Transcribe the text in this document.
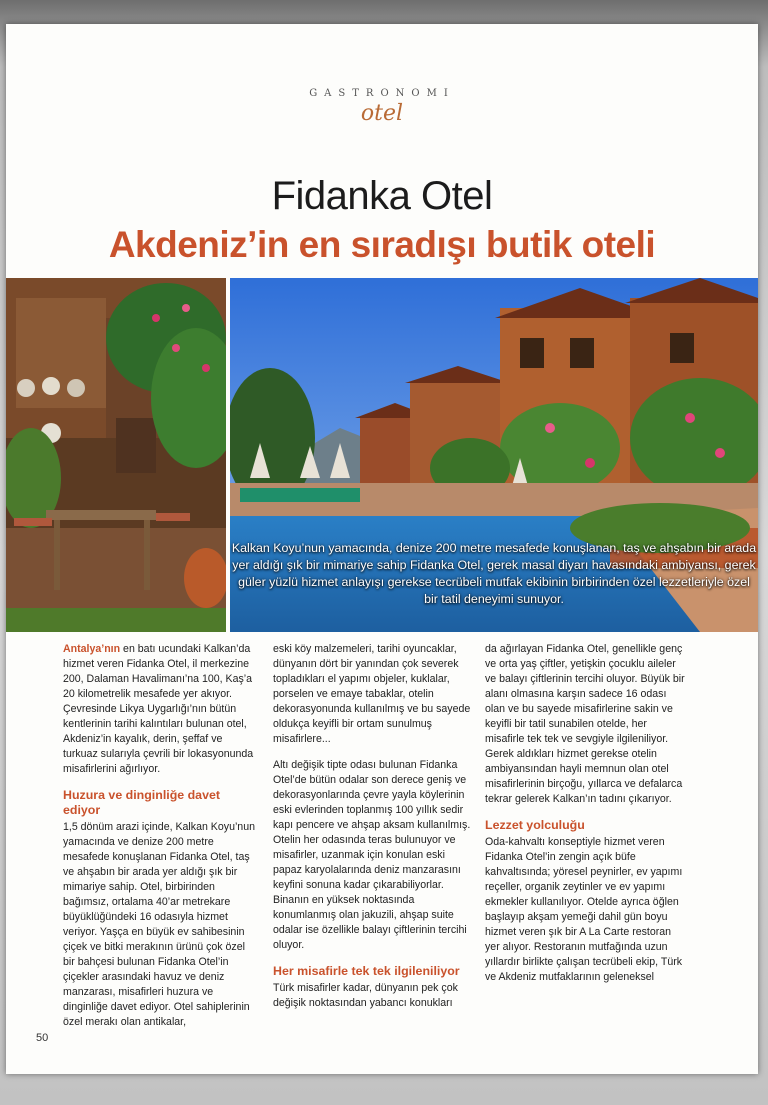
GASTRONOMI
otel
Fidanka Otel
Akdeniz’in en sıradışı butik oteli
Kalkan Koyu’nun yamacında, denize 200 metre mesafede konuşlanan, taş ve ahşabın bir arada yer aldığı şık bir mimariye sahip Fidanka Otel, gerek masal diyarı havasındaki ambiyansı, gerek güler yüzlü hizmet anlayışı gerekse tecrübeli mutfak ekibinin birbirinden özel lezzetleriyle özel bir tatil deneyimi sunuyor.

Antalya’nın en batı ucundaki Kalkan’da hizmet veren Fidanka Otel, il merkezine 200, Dalaman Havalimanı’na 100, Kaş’a 20 kilometrelik mesafede yer akıyor. Çevresinde Likya Uygarlığı’nın bütün kentlerinin tarihi kalıntıları bulunan otel, Akdeniz’in kayalık, derin, şeffaf ve turkuaz sularıyla çevrili bir lokasyonunda misafirlerini ağırlıyor.

Huzura ve dinginliğe davet ediyor

1,5 dönüm arazi içinde, Kalkan Koyu’nun yamacında ve denize 200 metre mesafede konuşlanan Fidanka Otel, taş ve ahşabın bir arada yer aldığı şık bir mimariye sahip. Otel, birbirinden bağımsız, ortalama 40’ar metrekare büyüklüğündeki 16 odasıyla hizmet veriyor. Yaşça en büyük ev sahibesinin çiçek ve bitki merakının ürünü çok özel bir bahçesi bulunan Fidanka Otel’in çiçekler arasındaki havuz ve deniz manzarası, misafirleri huzura ve dinginliğe davet ediyor. Otel sahiplerinin özel merakı olan antikalar,

eski köy malzemeleri, tarihi oyuncaklar, dünyanın dört bir yanından çok severek topladıkları el yapımı objeler, kuklalar, porselen ve emaye tabaklar, otelin dekorasyonunda kullanılmış ve bu sayede oldukça keyifli bir ortam sunulmuş misafirlere...

Altı değişik tipte odası bulunan Fidanka Otel’de bütün odalar son derece geniş ve dekorasyonlarında çevre yayla köylerinin eski evlerinden toplanmış 100 yıllık sedir kapı pencere ve ahşap aksam kullanılmış. Otelin her odasında teras bulunuyor ve misafirler, uzanmak için konulan eski papaz karyolalarında deniz manzarasını keyfini sonuna kadar çıkarabiliyorlar. Binanın en yüksek noktasında konumlanmış olan jakuzili, ahşap suite odalar ise özellikle balayı çiftlerinin tercihi oluyor.

Her misafirle tek tek ilgileniliyor

Türk misafirler kadar, dünyanın pek çok değişik noktasından yabancı konukları

da ağırlayan Fidanka Otel, genellikle genç ve orta yaş çiftler, yetişkin çocuklu aileler ve balayı çiftlerinin tercihi oluyor. Büyük bir alanı olmasına karşın sadece 16 odası olan ve bu sayede misafirlerine sakin ve keyifli bir tatil sunabilen otelde, her misafirle tek tek ve sevgiyle ilgileniliyor. Gerek aldıkları hizmet gerekse otelin ambiyansından hayli memnun olan otel misafirlerinin birçoğu, yıllarca ve defalarca tekrar gelerek Kalkan’ın tadını çıkarıyor.

Lezzet yolculuğu

Oda-kahvaltı konseptiyle hizmet veren Fidanka Otel’in zengin açık büfe kahvaltısında; yöresel peynirler, ev yapımı reçeller, organik zeytinler ve ev yapımı ekmekler kullanılıyor. Otelde ayrıca öğlen başlayıp akşam yemeği dahil gün boyu hizmet veren şık bir A La Carte restoran yer alıyor. Restoranın mutfağında uzun yıllardır birlikte çalışan tecrübeli ekip, Türk ve Akdeniz mutfaklarının geleneksel

50
